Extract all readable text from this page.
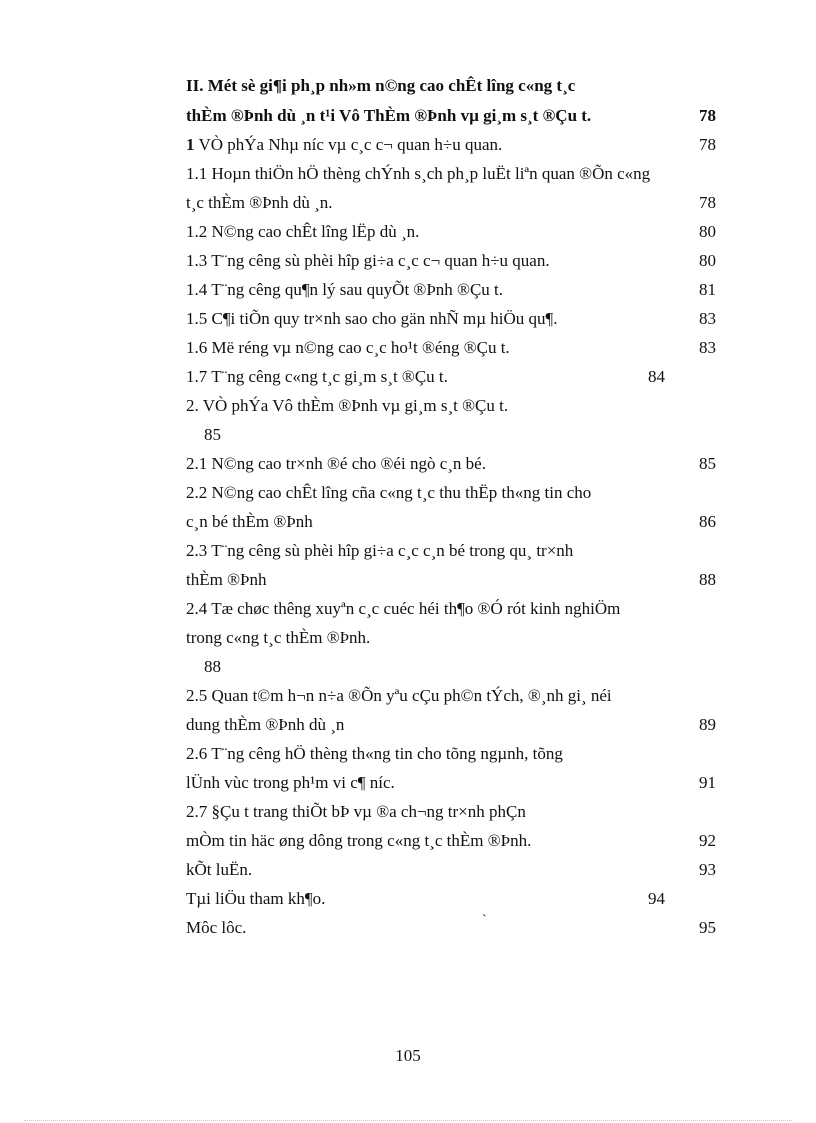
II. Mét sè gi¶i ph¸p nh»m n©ng cao chÊt lîng c«ng t¸c
thÈm ®Þnh dù ¸n t¹i Vô ThÈm ®Þnh vµ gi¸m s¸t ®Çu t.	78
1 VÒ phÝa Nhµ níc vµ c¸c c¬ quan h÷u quan.	78
1.1 Hoµn thiÖn hÖ thèng chÝnh s¸ch ph¸p luËt liªn quan ®Õn c«ng
t¸c thÈm ®Þnh dù ¸n.	78
1.2 N©ng cao chÊt lîng lËp dù ¸n.	80
1.3 T¨ng cêng sù phèi hîp gi÷a c¸c c¬ quan h÷u quan.	80
1.4 T¨ng cêng qu¶n lý sau quyÕt ®Þnh ®Çu t.	81
1.5 C¶i tiÕn quy tr×nh sao cho gän nhÑ mµ hiÖu qu¶.	83
1.6 Më réng vµ n©ng cao c¸c ho¹t ®éng ®Çu t.	83
1.7 T¨ng cêng c«ng t¸c gi¸m s¸t ®Çu t.	84
2. VÒ phÝa Vô thÈm ®Þnh vµ gi¸m s¸t ®Çu t.
85
2.1 N©ng cao tr×nh ®é cho ®éi ngò c¸n bé.	85
2.2 N©ng cao chÊt lîng cña c«ng t¸c thu thËp th«ng tin cho
c¸n bé thÈm ®Þnh	86
2.3 T¨ng cêng sù phèi hîp gi÷a c¸c c¸n bé trong qu¸ tr×nh
thÈm ®Þnh	88
2.4 Tæ chøc thêng xuyªn c¸c cuéc héi th¶o ®Ó rót kinh nghiÖm
trong c«ng t¸c thÈm ®Þnh.
88
2.5 Quan t©m h¬n n÷a ®Õn yªu cÇu ph©n tÝch, ®¸nh gi¸ néi
dung thÈm ®Þnh dù ¸n	89
2.6 T¨ng cêng hÖ thèng th«ng tin cho tõng ngµnh, tõng
lÜnh vùc trong ph¹m vi c¶ níc.	91
2.7 §Çu t trang thiÕt bÞ vµ ®a ch¬ng tr×nh phÇn
mÒm tin häc øng dông trong c«ng t¸c thÈm ®Þnh.	92
kÕt luËn.	93
Tµi liÖu tham kh¶o.	94
Môc lôc.	`	95
105
